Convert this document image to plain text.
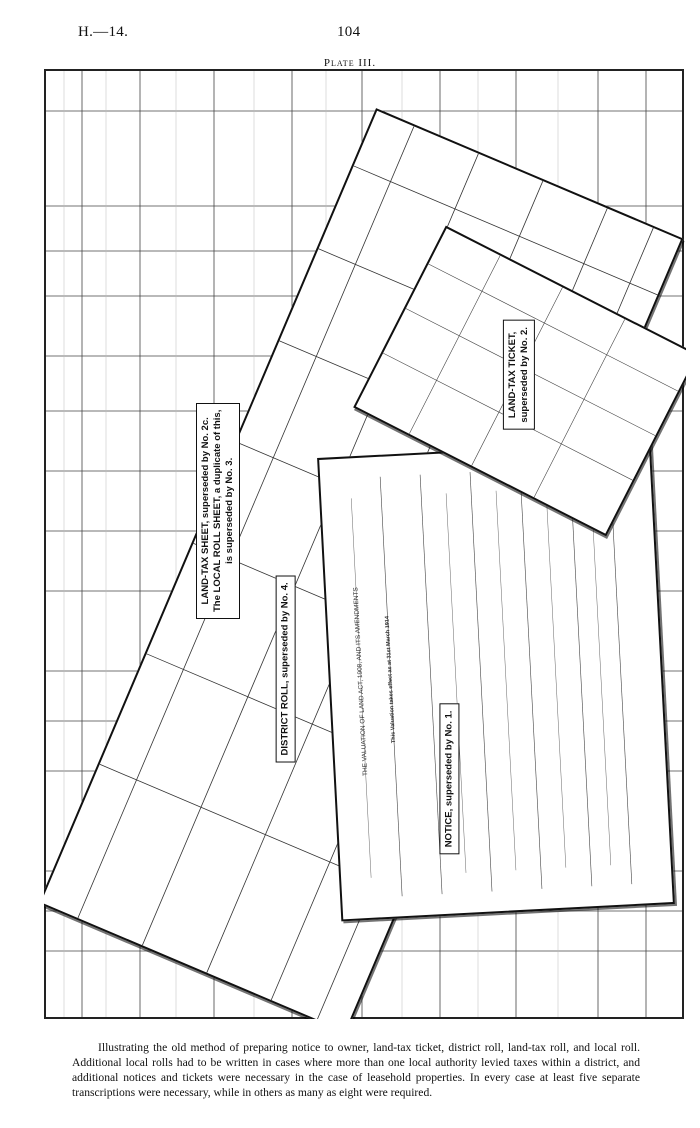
H.—14.	104
Plate III.
THE VALUATION OF LAND ACT, 1908, AND ITS AMENDMENTS	This Valuation takes effect as at 31st March 1914
LAND-TAX SHEET, superseded by No. 2c. The LOCAL ROLL SHEET, a duplicate of this, is superseded by No. 3.
DISTRICT ROLL, superseded by No. 4.
NOTICE, superseded by No. 1.
LAND-TAX TICKET, superseded by No. 2.
Illustrating the old method of preparing notice to owner, land-tax ticket, district roll, land-tax roll, and local roll. Additional local rolls had to be written in cases where more than one local authority levied taxes within a district, and additional notices and tickets were necessary in the case of leasehold properties. In every case at least five separate transcriptions were necessary, while in others as many as eight were required.
